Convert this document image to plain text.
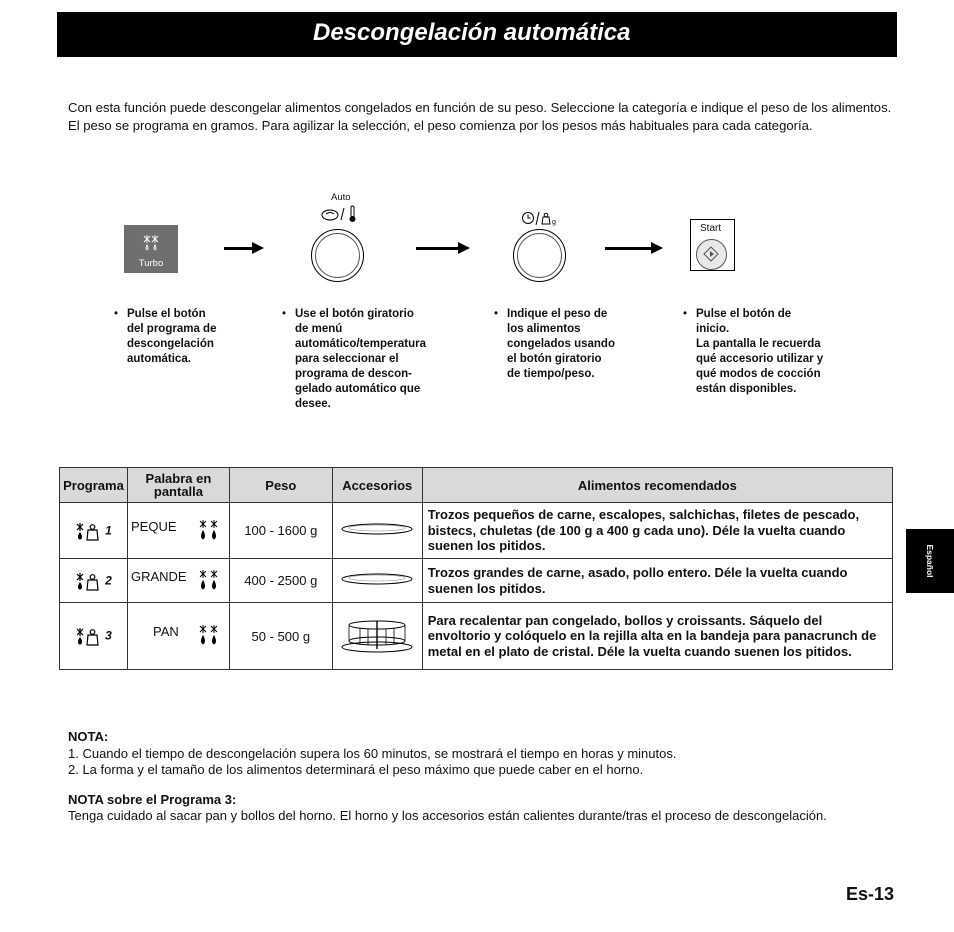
Descongelación automática
Con esta función puede descongelar alimentos congelados en función de su peso. Seleccione la categoría e indique el peso de los alimentos. El peso se programa en gramos. Para agilizar la selección, el peso comienza por los pesos más habituales para cada categoría.
Turbo
Auto
g
Start
• Pulse el botón
del programa de
descongelación
automática.
• Use el botón giratorio
de menú
automático/temperatura
para seleccionar el
programa de descon-
gelado automático que
desee.
• Indique el peso de
los alimentos
congelados usando
el botón giratorio
de tiempo/peso.
• Pulse el botón de
inicio.
La pantalla le recuerda
qué accesorio utilizar y
qué modos de cocción
están disponibles.
Programa	Palabra en pantalla	Peso	Accesorios	Alimentos recomendados
1	PEQUE	100 - 1600 g		Trozos pequeños de carne, escalopes, salchichas, filetes de pescado, bistecs, chuletas (de 100 g a 400 g cada uno). Déle la vuelta cuando suenen los pitidos.
2	GRANDE	400 - 2500 g		Trozos grandes de carne, asado, pollo entero. Déle la vuelta cuando suenen los pitidos.
3	PAN	50 - 500 g		Para recalentar pan congelado, bollos y croissants. Sáquelo del envoltorio y colóquelo en la rejilla alta en la bandeja para panacrunch de metal en el plato de cristal. Déle la vuelta cuando suenen los pitidos.
NOTA:
1. Cuando el tiempo de descongelación supera los 60 minutos, se mostrará el tiempo en horas y minutos.
2. La forma y el tamaño de los alimentos determinará el peso máximo que puede caber en el horno.
NOTA sobre el Programa 3:
Tenga cuidado al sacar pan y bollos del horno. El horno y los accesorios están calientes durante/tras el proceso de descongelación.
Español
Es-13
